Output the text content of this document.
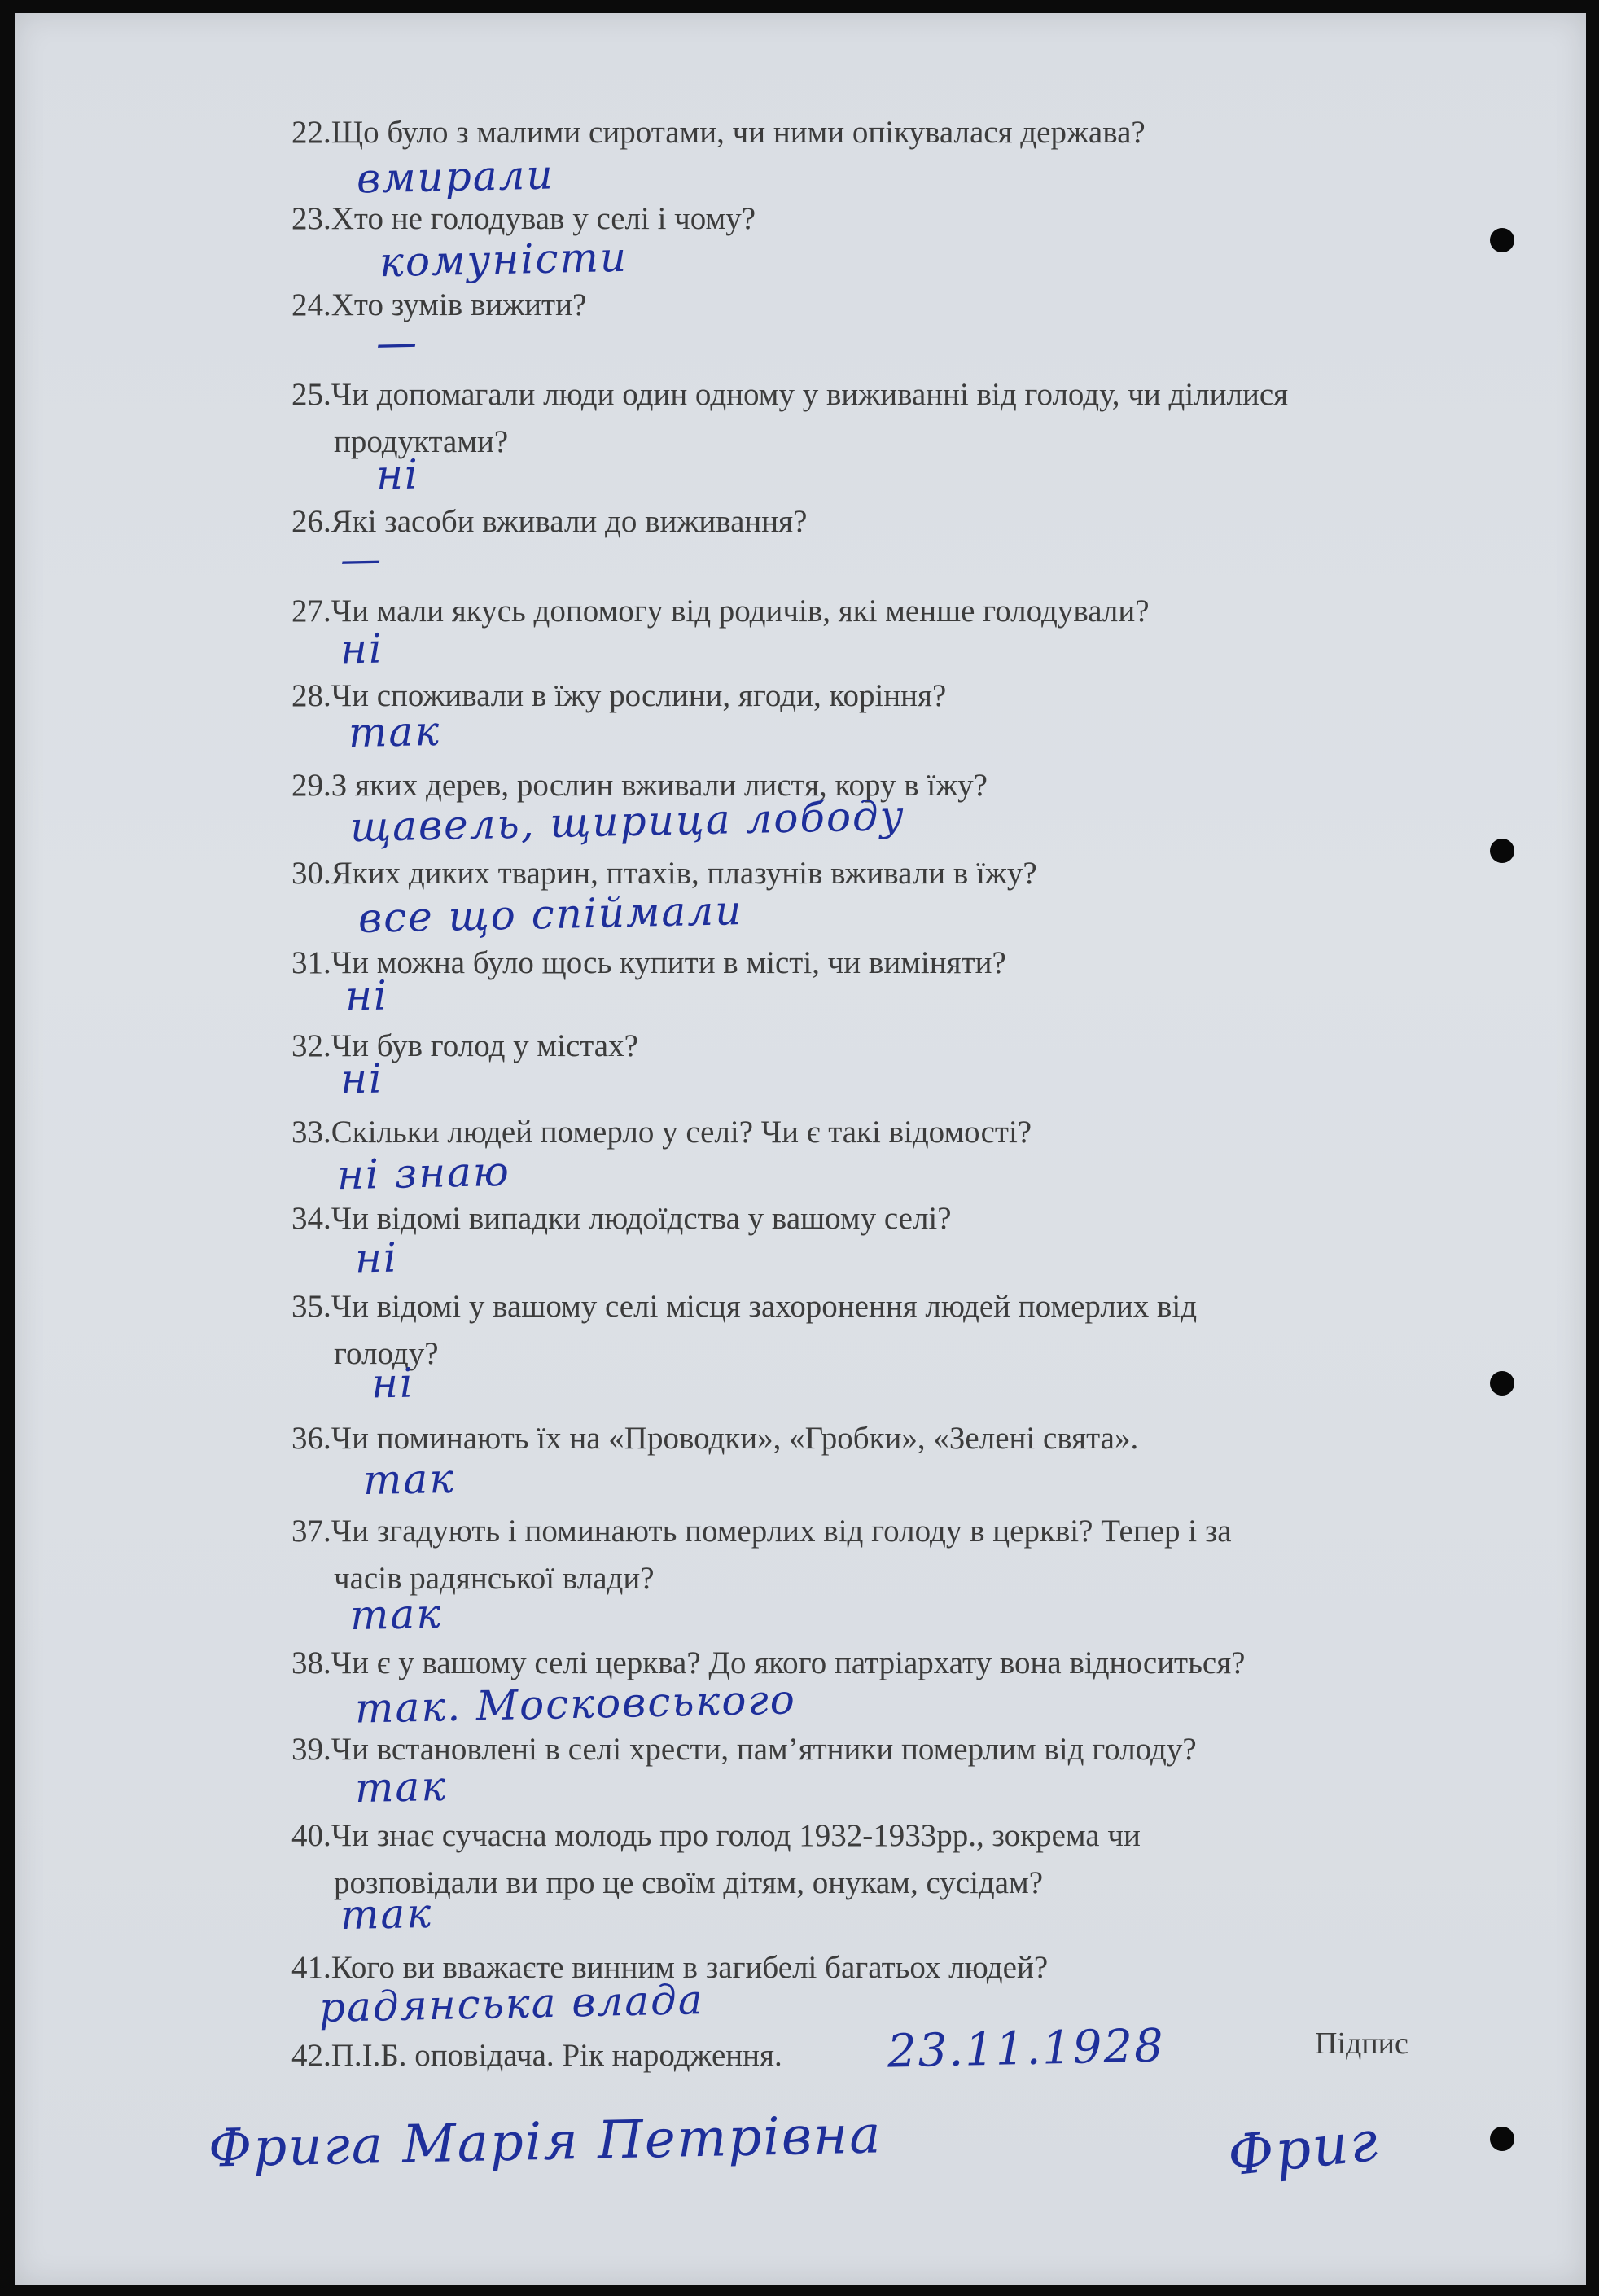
22.Що було з малими сиротами, чи ними опікувалася держава?
вмирали
23.Хто не голодував у селі і чому?
комуністи
24.Хто зумів вижити?
—
25.Чи допомагали люди один одному у виживанні від голоду, чи ділилися
продуктами?
ні
26.Які засоби вживали до виживання?
—
27.Чи мали якусь допомогу від родичів, які менше голодували?
ні
28.Чи споживали в їжу рослини, ягоди, коріння?
так
29.З яких дерев, рослин вживали листя, кору в їжу?
щавель, щирица лободу
30.Яких диких тварин, птахів, плазунів вживали в їжу?
все що спіймали
31.Чи можна було щось купити в місті, чи виміняти?
ні
32.Чи був голод у містах?
ні
33.Скільки людей померло у селі? Чи є такі відомості?
ні знаю
34.Чи відомі випадки людоїдства у вашому селі?
ні
35.Чи відомі у вашому селі місця захоронення людей померлих від
голоду?
ні
36.Чи поминають їх на «Проводки», «Гробки», «Зелені свята».
так
37.Чи згадують і поминають померлих від голоду в церкві? Тепер і за
часів радянської влади?
так
38.Чи є у вашому селі церква? До якого патріархату вона відноситься?
так. Московського
39.Чи встановлені в селі хрести, пам’ятники померлим від голоду?
так
40.Чи знає сучасна молодь про голод 1932-1933рр., зокрема чи
розповідали ви про це своїм дітям, онукам, сусідам?
так
41.Кого ви вважаєте винним в загибелі багатьох людей?
радянська влада
42.П.І.Б. оповідача. Рік народження.	23.11.1928	Підпис
Фрига Марія Петрівна	Фриг
